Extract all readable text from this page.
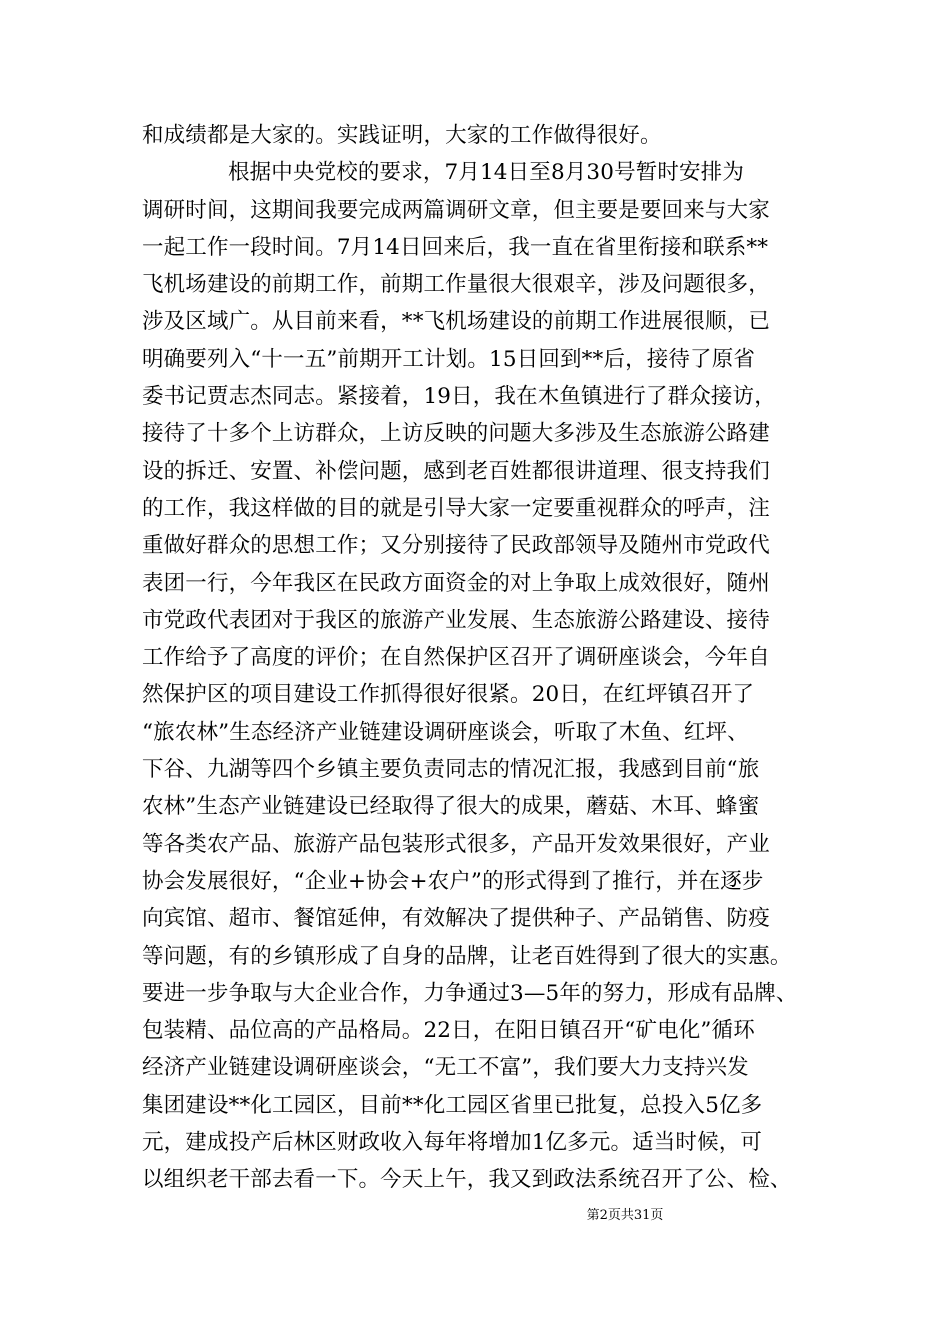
和成绩都是大家的。实践证明，大家的工作做得很好。
根据中央党校的要求，7月14日至8月30号暂时安排为
调研时间，这期间我要完成两篇调研文章，但主要是要回来与大家
一起工作一段时间。7月14日回来后，我一直在省里衔接和联系**
飞机场建设的前期工作，前期工作量很大很艰辛，涉及问题很多，
涉及区域广。从目前来看，**飞机场建设的前期工作进展很顺，已
明确要列入“十一五”前期开工计划。15日回到**后，接待了原省
委书记贾志杰同志。紧接着，19日，我在木鱼镇进行了群众接访，
接待了十多个上访群众，上访反映的问题大多涉及生态旅游公路建
设的拆迁、安置、补偿问题，感到老百姓都很讲道理、很支持我们
的工作，我这样做的目的就是引导大家一定要重视群众的呼声，注
重做好群众的思想工作；又分别接待了民政部领导及随州市党政代
表团一行，今年我区在民政方面资金的对上争取上成效很好，随州
市党政代表团对于我区的旅游产业发展、生态旅游公路建设、接待
工作给予了高度的评价；在自然保护区召开了调研座谈会，今年自
然保护区的项目建设工作抓得很好很紧。20日，在红坪镇召开了
“旅农林”生态经济产业链建设调研座谈会，听取了木鱼、红坪、
下谷、九湖等四个乡镇主要负责同志的情况汇报，我感到目前“旅
农林”生态产业链建设已经取得了很大的成果，蘑菇、木耳、蜂蜜
等各类农产品、旅游产品包装形式很多，产品开发效果很好，产业
协会发展很好，“企业+协会+农户”的形式得到了推行，并在逐步
向宾馆、超市、餐馆延伸，有效解决了提供种子、产品销售、防疫
等问题，有的乡镇形成了自身的品牌，让老百姓得到了很大的实惠。
要进一步争取与大企业合作，力争通过3—5年的努力，形成有品牌、
包装精、品位高的产品格局。22日，在阳日镇召开“矿电化”循环
经济产业链建设调研座谈会，“无工不富”，我们要大力支持兴发
集团建设**化工园区，目前**化工园区省里已批复，总投入5亿多
元，建成投产后林区财政收入每年将增加1亿多元。适当时候，可
以组织老干部去看一下。今天上午，我又到政法系统召开了公、检、
第2页共31页
